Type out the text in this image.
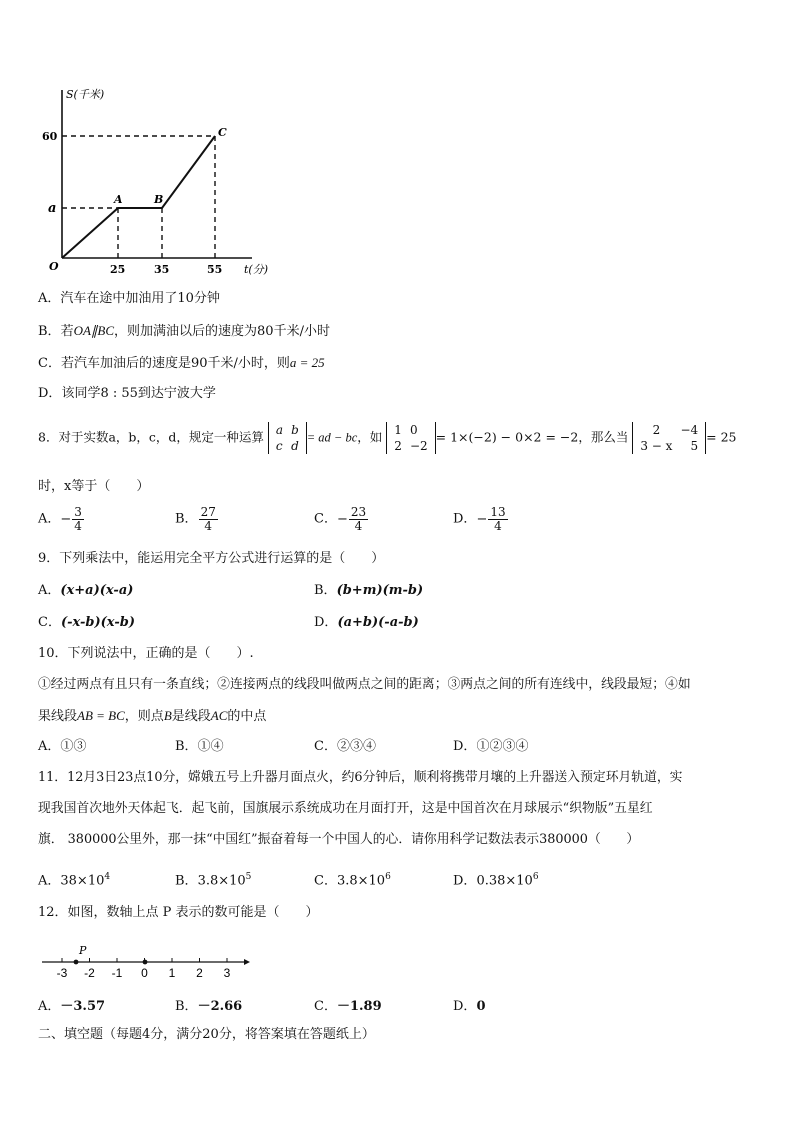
S(千米)
t(分)
O
60
a
25	35	55
A	B
C
A．汽车在途中加油用了10分钟
B．若OA∥BC，则加满油以后的速度为80千米/小时
C．若汽车加油后的速度是90千米/小时，则a = 25
D．该同学8 : 55到达宁波大学
8．对于实数a，b，c，d，规定一种运算 a	b
c	d
= ad − bc，如 1	0
2	−2
= 1×(−2) − 0×2 = −2，那么当 2	−4
3 − x	5
= 25
时，x等于（　　）
A．− $\frac{3}{4}$	B． $\frac{27}{4}$	C．− $\frac{23}{4}$	D．− $\frac{13}{4}$
9．下列乘法中，能运用完全平方公式进行运算的是（　　）
A．(x+a)(x-a)	B．(b+m)(m-b)
C．(-x-b)(x-b)	D．(a+b)(-a-b)
10．下列说法中，正确的是（　　）.
①经过两点有且只有一条直线；②连接两点的线段叫做两点之间的距离；③两点之间的所有连线中，线段最短；④如
果线段AB = BC，则点B是线段AC的中点
A．①③	B．①④	C．②③④	D．①②③④
11．12月3日23点10分，嫦娥五号上升器月面点火，约6分钟后，顺利将携带月壤的上升器送入预定环月轨道，实
现我国首次地外天体起飞．起飞前，国旗展示系统成功在月面打开，这是中国首次在月球展示“织物版”五星红
旗． 380000公里外，那一抹“中国红”振奋着每一个中国人的心．请你用科学记数法表示380000（　　）
A．$38\times 10^4$	B．$3.8\times 10^5$	C．$3.8\times 10^6$	D．$0.38\times 10^6$
12．如图，数轴上点 P 表示的数可能是（　　）
-3 -2 -1 0 1 2 3
P
A．－3.57	B．－2.66	C．－1.89	D．0
二、填空题（每题4分，满分20分，将答案填在答题纸上）
